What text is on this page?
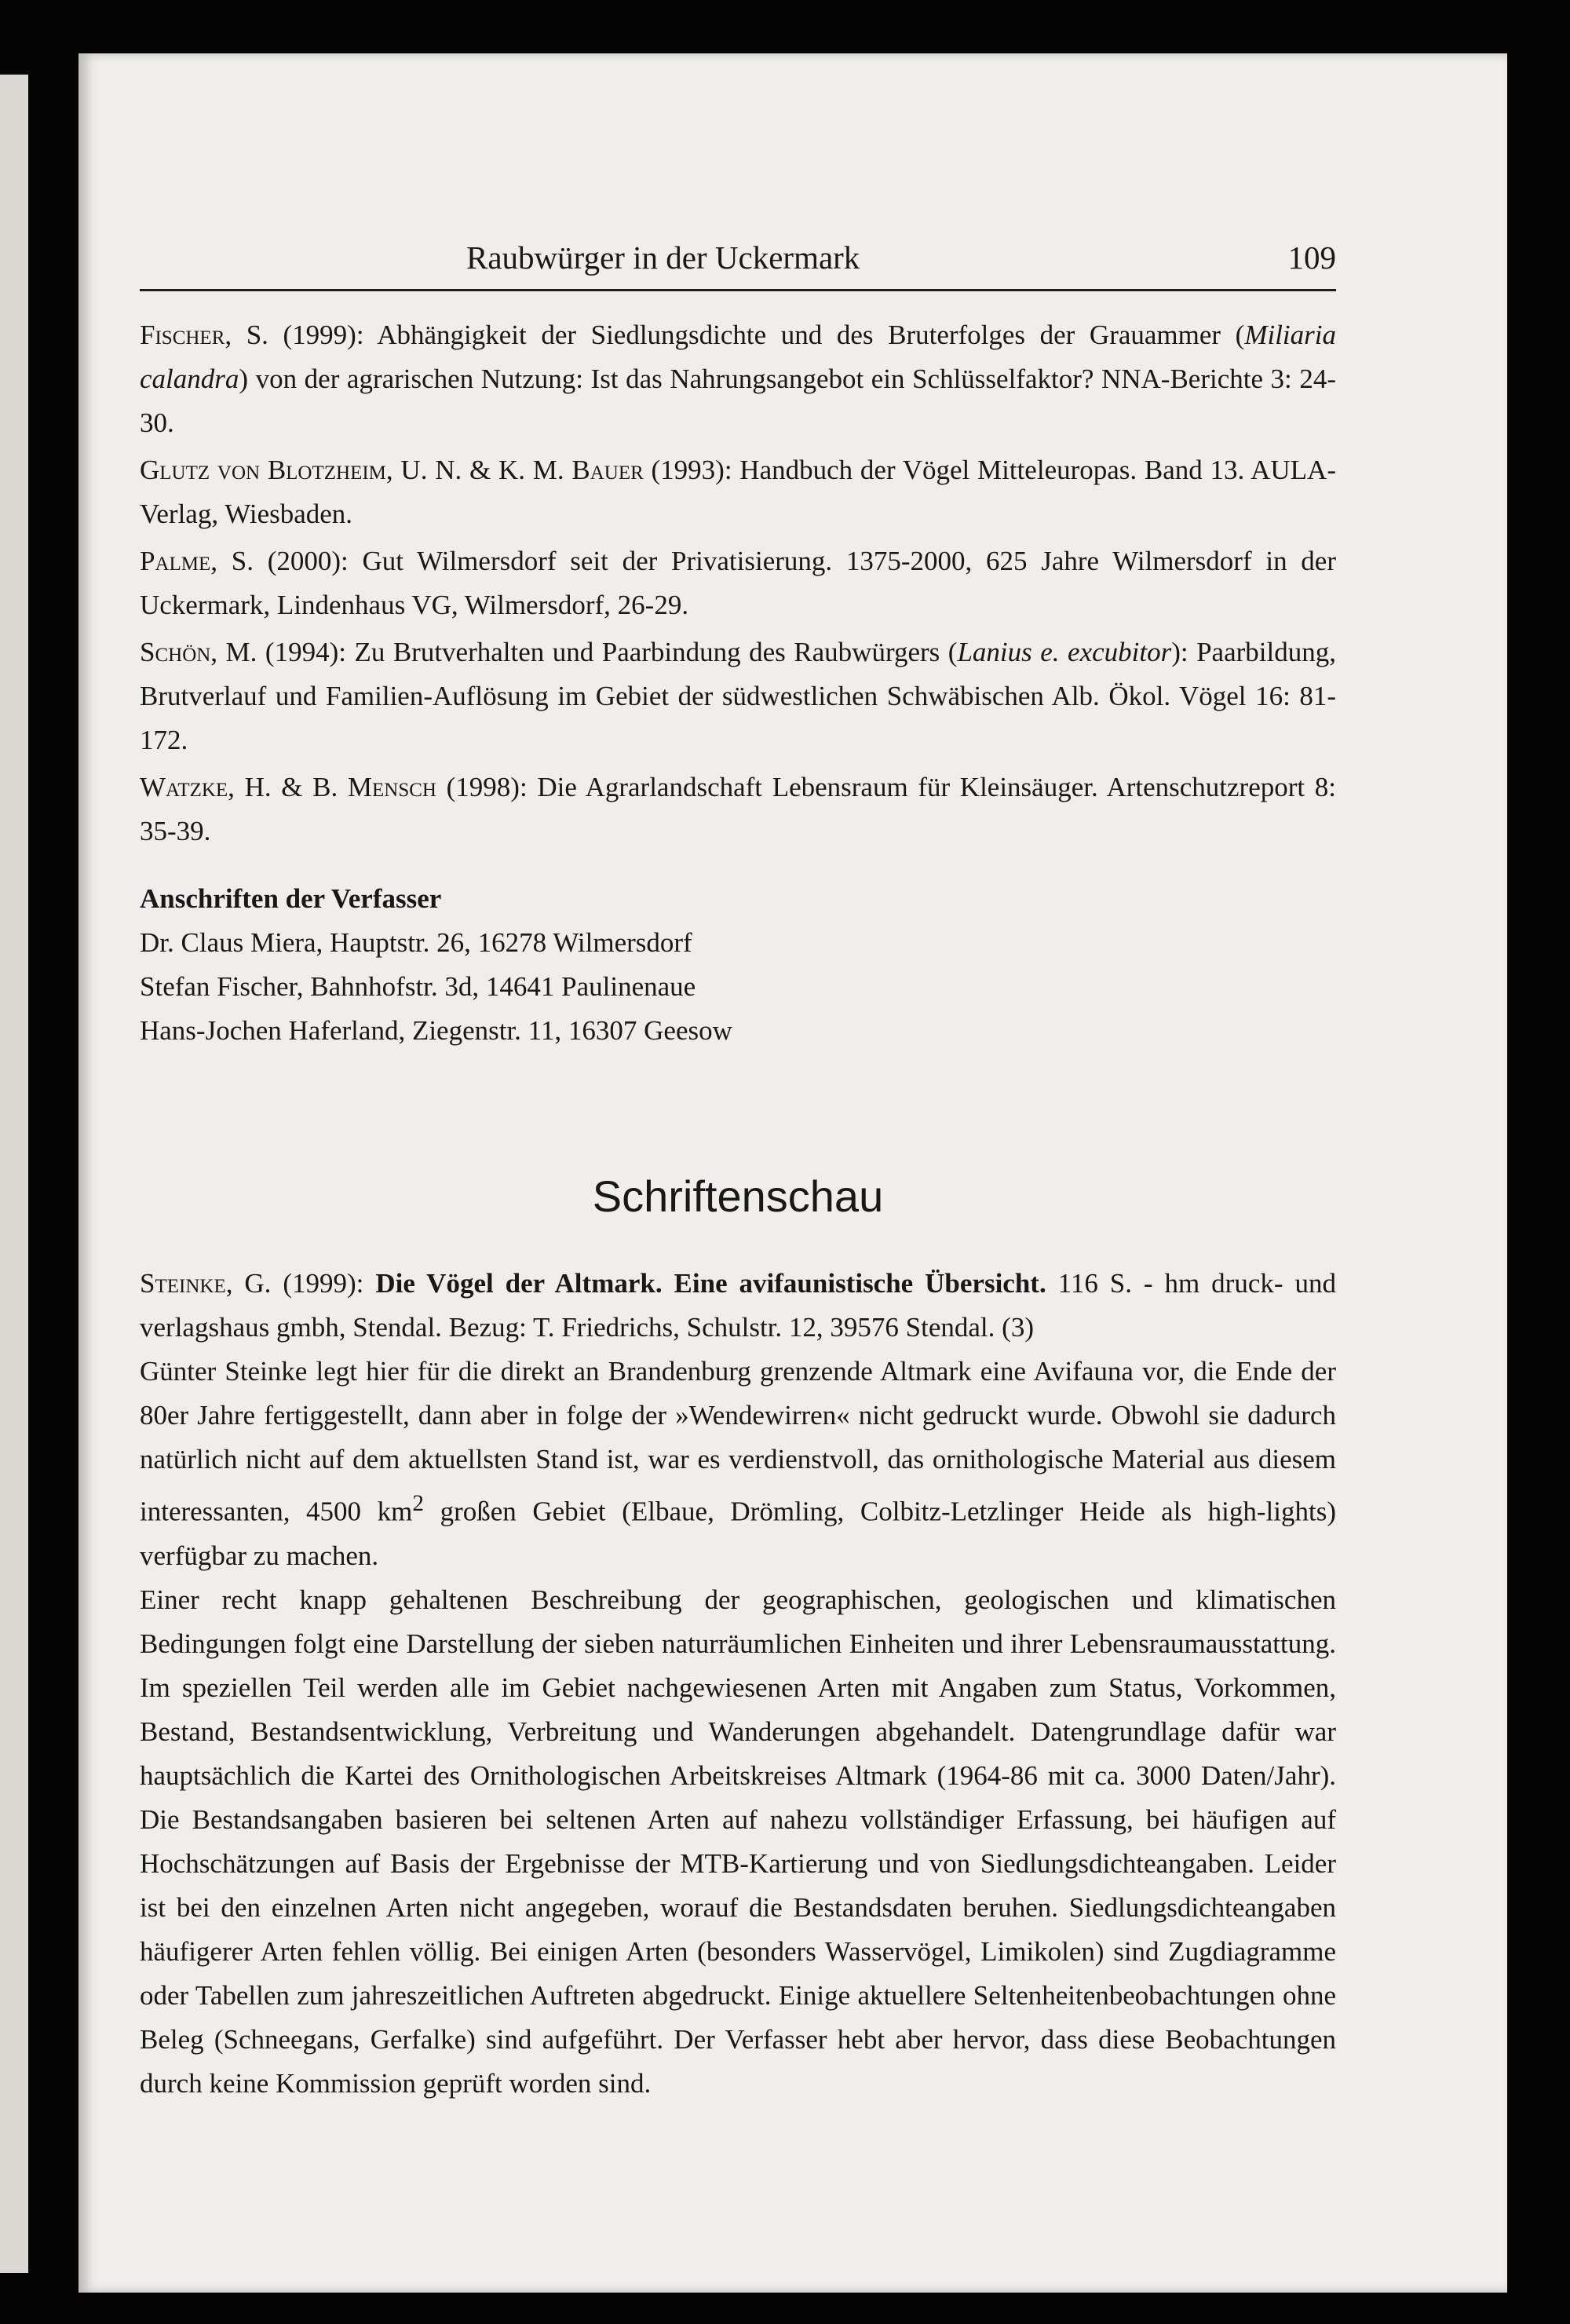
Raubwürger in der Uckermark	109

Fischer, S. (1999): Abhängigkeit der Siedlungsdichte und des Bruterfolges der Grauammer (Miliaria calandra) von der agrarischen Nutzung: Ist das Nahrungsangebot ein Schlüsselfaktor? NNA-Berichte 3: 24-30.

Glutz von Blotzheim, U. N. & K. M. Bauer (1993): Handbuch der Vögel Mitteleuropas. Band 13. AULA-Verlag, Wiesbaden.

Palme, S. (2000): Gut Wilmersdorf seit der Privatisierung. 1375-2000, 625 Jahre Wilmersdorf in der Uckermark, Lindenhaus VG, Wilmersdorf, 26-29.

Schön, M. (1994): Zu Brutverhalten und Paarbindung des Raubwürgers (Lanius e. excubitor): Paarbildung, Brutverlauf und Familien-Auflösung im Gebiet der südwestlichen Schwäbischen Alb. Ökol. Vögel 16: 81-172.

Watzke, H. & B. Mensch (1998): Die Agrarlandschaft Lebensraum für Kleinsäuger. Artenschutzreport 8: 35-39.

Anschriften der Verfasser
Dr. Claus Miera, Hauptstr. 26, 16278 Wilmersdorf
Stefan Fischer, Bahnhofstr. 3d, 14641 Paulinenaue
Hans-Jochen Haferland, Ziegenstr. 11, 16307 Geesow
Schriftenschau

Steinke, G. (1999): Die Vögel der Altmark. Eine avifaunistische Übersicht. 116 S. - hm druck- und verlagshaus gmbh, Stendal. Bezug: T. Friedrichs, Schulstr. 12, 39576 Stendal. (3)

Günter Steinke legt hier für die direkt an Brandenburg grenzende Altmark eine Avifauna vor, die Ende der 80er Jahre fertiggestellt, dann aber in folge der »Wendewirren« nicht gedruckt wurde. Obwohl sie dadurch natürlich nicht auf dem aktuellsten Stand ist, war es verdienstvoll, das ornithologische Material aus diesem interessanten, 4500 $km^2$ großen Gebiet (Elbaue, Drömling, Colbitz-Letzlinger Heide als high-lights) verfügbar zu machen.

Einer recht knapp gehaltenen Beschreibung der geographischen, geologischen und klimatischen Bedingungen folgt eine Darstellung der sieben naturräumlichen Einheiten und ihrer Lebensraumausstattung. Im speziellen Teil werden alle im Gebiet nachgewiesenen Arten mit Angaben zum Status, Vorkommen, Bestand, Bestandsentwicklung, Verbreitung und Wanderungen abgehandelt. Datengrundlage dafür war hauptsächlich die Kartei des Ornithologischen Arbeitskreises Altmark (1964-86 mit ca. 3000 Daten/Jahr). Die Bestandsangaben basieren bei seltenen Arten auf nahezu vollständiger Erfassung, bei häufigen auf Hochschätzungen auf Basis der Ergebnisse der MTB-Kartierung und von Siedlungsdichteangaben. Leider ist bei den einzelnen Arten nicht angegeben, worauf die Bestandsdaten beruhen. Siedlungsdichteangaben häufigerer Arten fehlen völlig. Bei einigen Arten (besonders Wasservögel, Limikolen) sind Zugdiagramme oder Tabellen zum jahreszeitlichen Auftreten abgedruckt. Einige aktuellere Seltenheitenbeobachtungen ohne Beleg (Schneegans, Gerfalke) sind aufgeführt. Der Verfasser hebt aber hervor, dass diese Beobachtungen durch keine Kommission geprüft worden sind.
